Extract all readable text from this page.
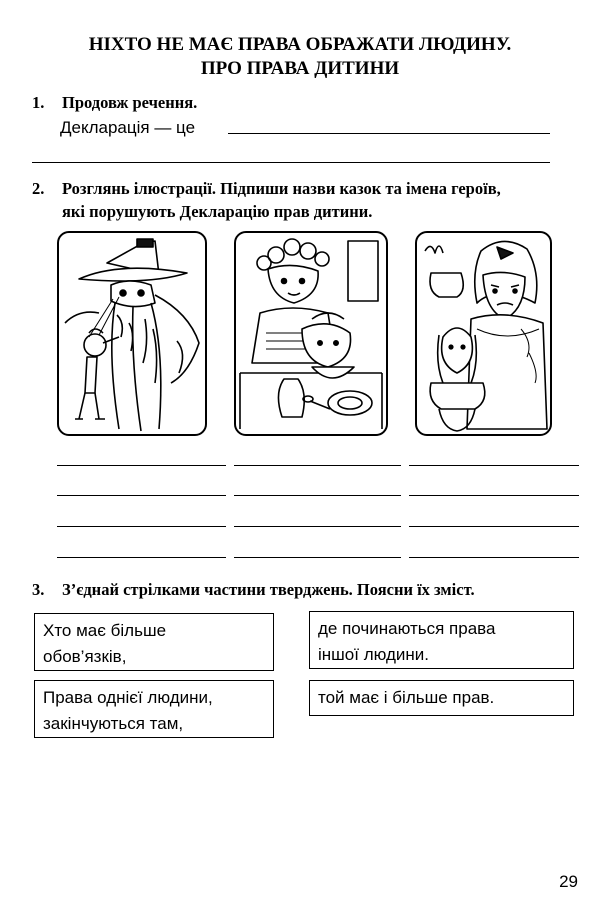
НІХТО НЕ МАЄ ПРАВА ОБРАЖАТИ ЛЮДИНУ.
ПРО ПРАВА ДИТИНИ
1. Продовж речення.
Декларація — це
2. Розглянь ілюстрації. Підпиши назви казок та імена героїв,
які порушують Декларацію прав дитини.
3. З’єднай стрілками частини тверджень. Поясни їх зміст.
Хто має більше
обов’язків,
де починаються права
іншої людини.
Права однієї людини,
закінчуються там,
той має і більше прав.
29
